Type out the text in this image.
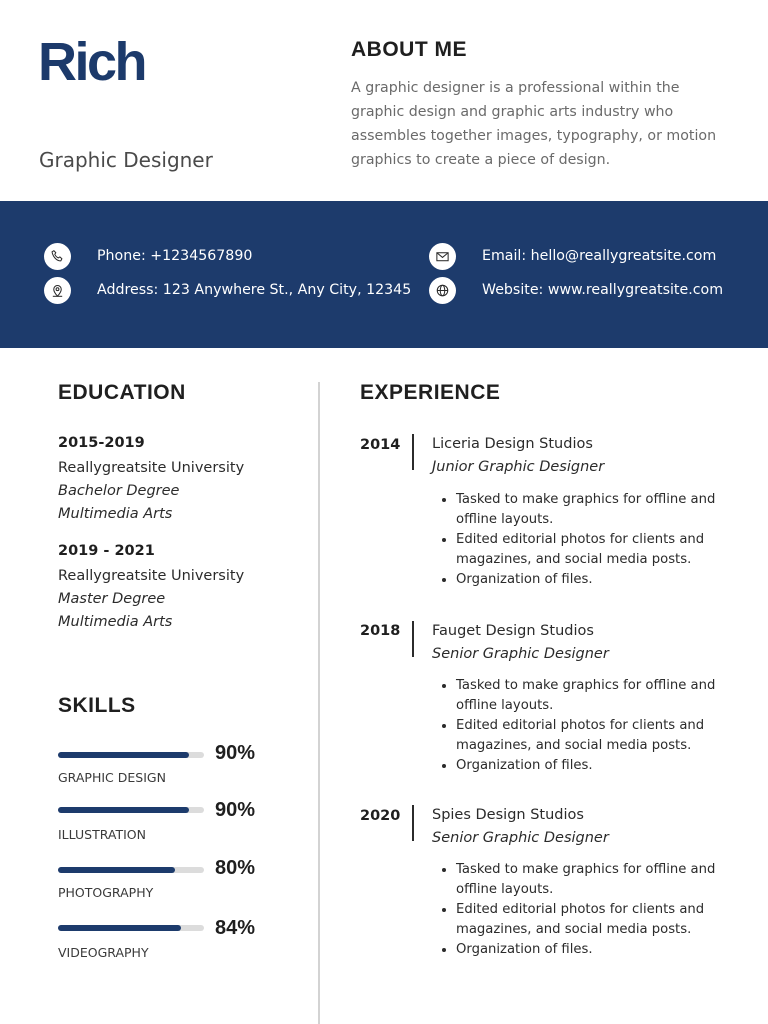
Rich
Graphic Designer
ABOUT ME
A graphic designer is a professional within the graphic design and graphic arts industry who assembles together images, typography, or motion graphics to create a piece of design.
Phone: +1234567890
Address: 123 Anywhere St., Any City, 12345
Email: hello@reallygreatsite.com
Website: www.reallygreatsite.com
EDUCATION
2015-2019
Reallygreatsite University
Bachelor Degree
Multimedia Arts
2019 - 2021
Reallygreatsite University
Master Degree
Multimedia Arts
SKILLS
90%
GRAPHIC DESIGN
90%
ILLUSTRATION
80%
PHOTOGRAPHY
84%
VIDEOGRAPHY
EXPERIENCE
2014 Liceria Design Studios
Junior Graphic Designer
• Tasked to make graphics for offline and offline layouts.
• Edited editorial photos for clients and magazines, and social media posts.
• Organization of files.
2018 Fauget Design Studios
Senior Graphic Designer
• Tasked to make graphics for offline and offline layouts.
• Edited editorial photos for clients and magazines, and social media posts.
• Organization of files.
2020 Spies Design Studios
Senior Graphic Designer
• Tasked to make graphics for offline and offline layouts.
• Edited editorial photos for clients and magazines, and social media posts.
• Organization of files.
